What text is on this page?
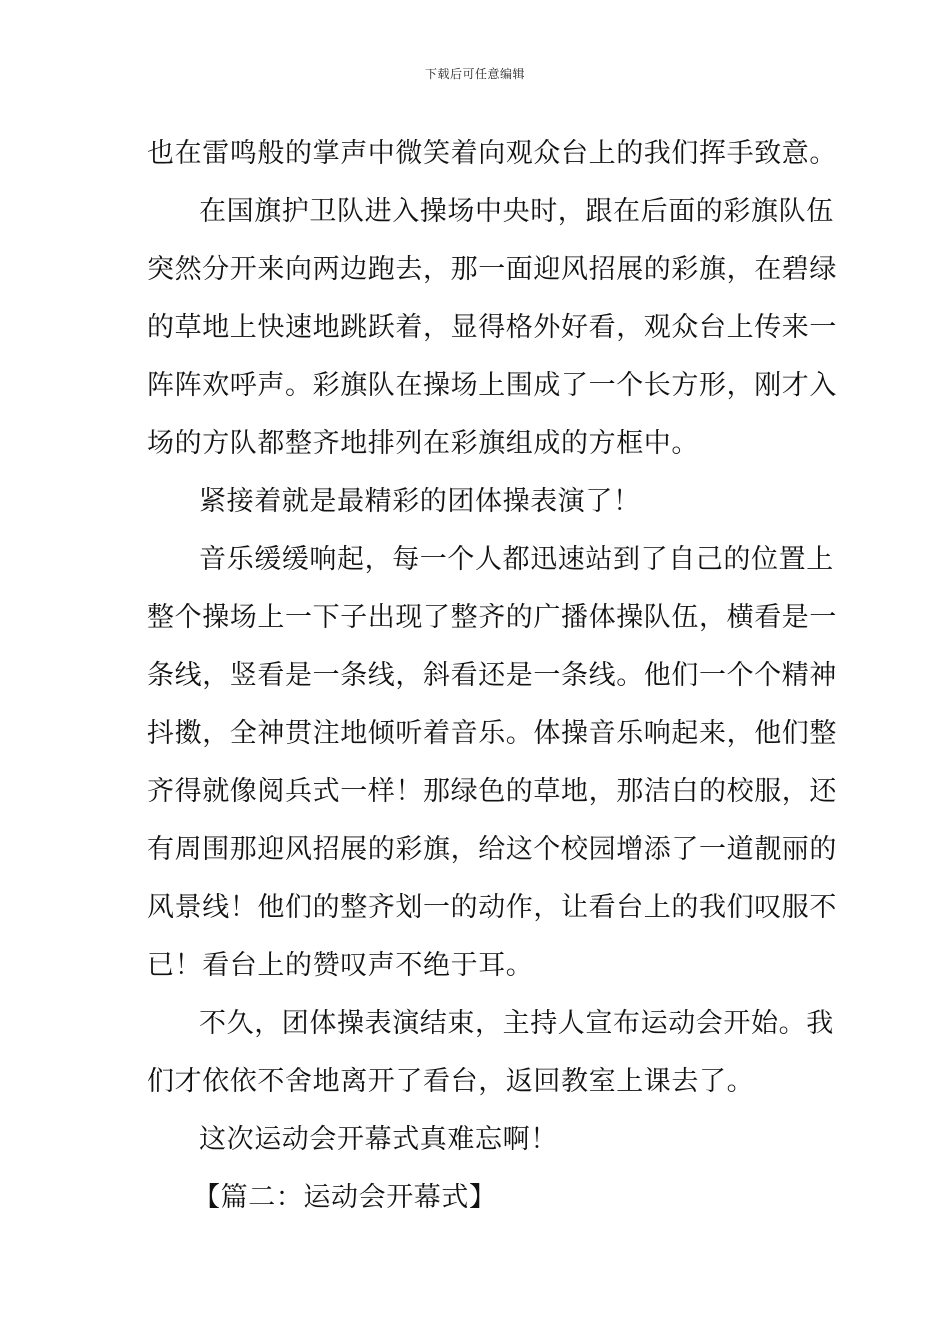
下载后可任意编辑
也在雷鸣般的掌声中微笑着向观众台上的我们挥手致意。
在国旗护卫队进入操场中央时，跟在后面的彩旗队伍
突然分开来向两边跑去，那一面迎风招展的彩旗，在碧绿
的草地上快速地跳跃着，显得格外好看，观众台上传来一
阵阵欢呼声。彩旗队在操场上围成了一个长方形，刚才入
场的方队都整齐地排列在彩旗组成的方框中。
紧接着就是最精彩的团体操表演了！
音乐缓缓响起，每一个人都迅速站到了自己的位置上
整个操场上一下子出现了整齐的广播体操队伍，横看是一
条线，竖看是一条线，斜看还是一条线。他们一个个精神
抖擞，全神贯注地倾听着音乐。体操音乐响起来，他们整
齐得就像阅兵式一样！那绿色的草地，那洁白的校服，还
有周围那迎风招展的彩旗，给这个校园增添了一道靓丽的
风景线！他们的整齐划一的动作，让看台上的我们叹服不
已！看台上的赞叹声不绝于耳。
不久，团体操表演结束，主持人宣布运动会开始。我
们才依依不舍地离开了看台，返回教室上课去了。
这次运动会开幕式真难忘啊！
【篇二：运动会开幕式】
